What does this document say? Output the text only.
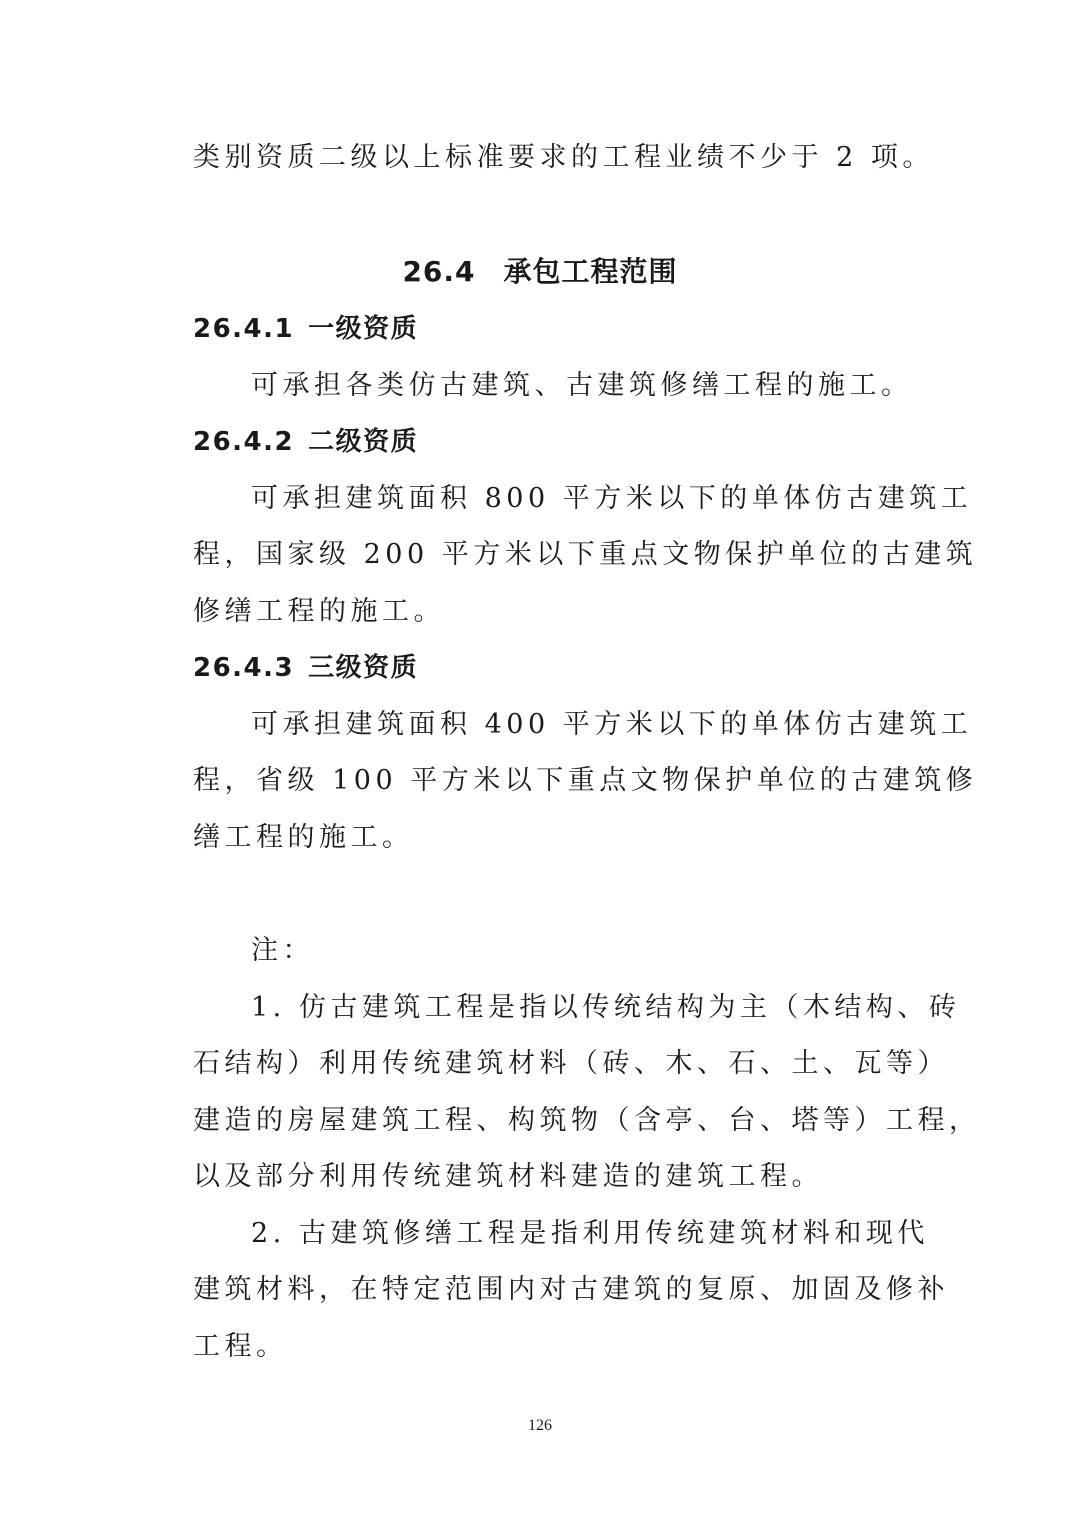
类别资质二级以上标准要求的工程业绩不少于 2 项。
26.4 承包工程范围
26.4.1 一级资质
可承担各类仿古建筑、古建筑修缮工程的施工。
26.4.2 二级资质
可承担建筑面积 800 平方米以下的单体仿古建筑工
程，国家级 200 平方米以下重点文物保护单位的古建筑
修缮工程的施工。
26.4.3 三级资质
可承担建筑面积 400 平方米以下的单体仿古建筑工
程，省级 100 平方米以下重点文物保护单位的古建筑修
缮工程的施工。
注：
1. 仿古建筑工程是指以传统结构为主（木结构、砖
石结构）利用传统建筑材料（砖、木、石、土、瓦等）
建造的房屋建筑工程、构筑物（含亭、台、塔等）工程，
以及部分利用传统建筑材料建造的建筑工程。
2. 古建筑修缮工程是指利用传统建筑材料和现代
建筑材料，在特定范围内对古建筑的复原、加固及修补
工程。
126
